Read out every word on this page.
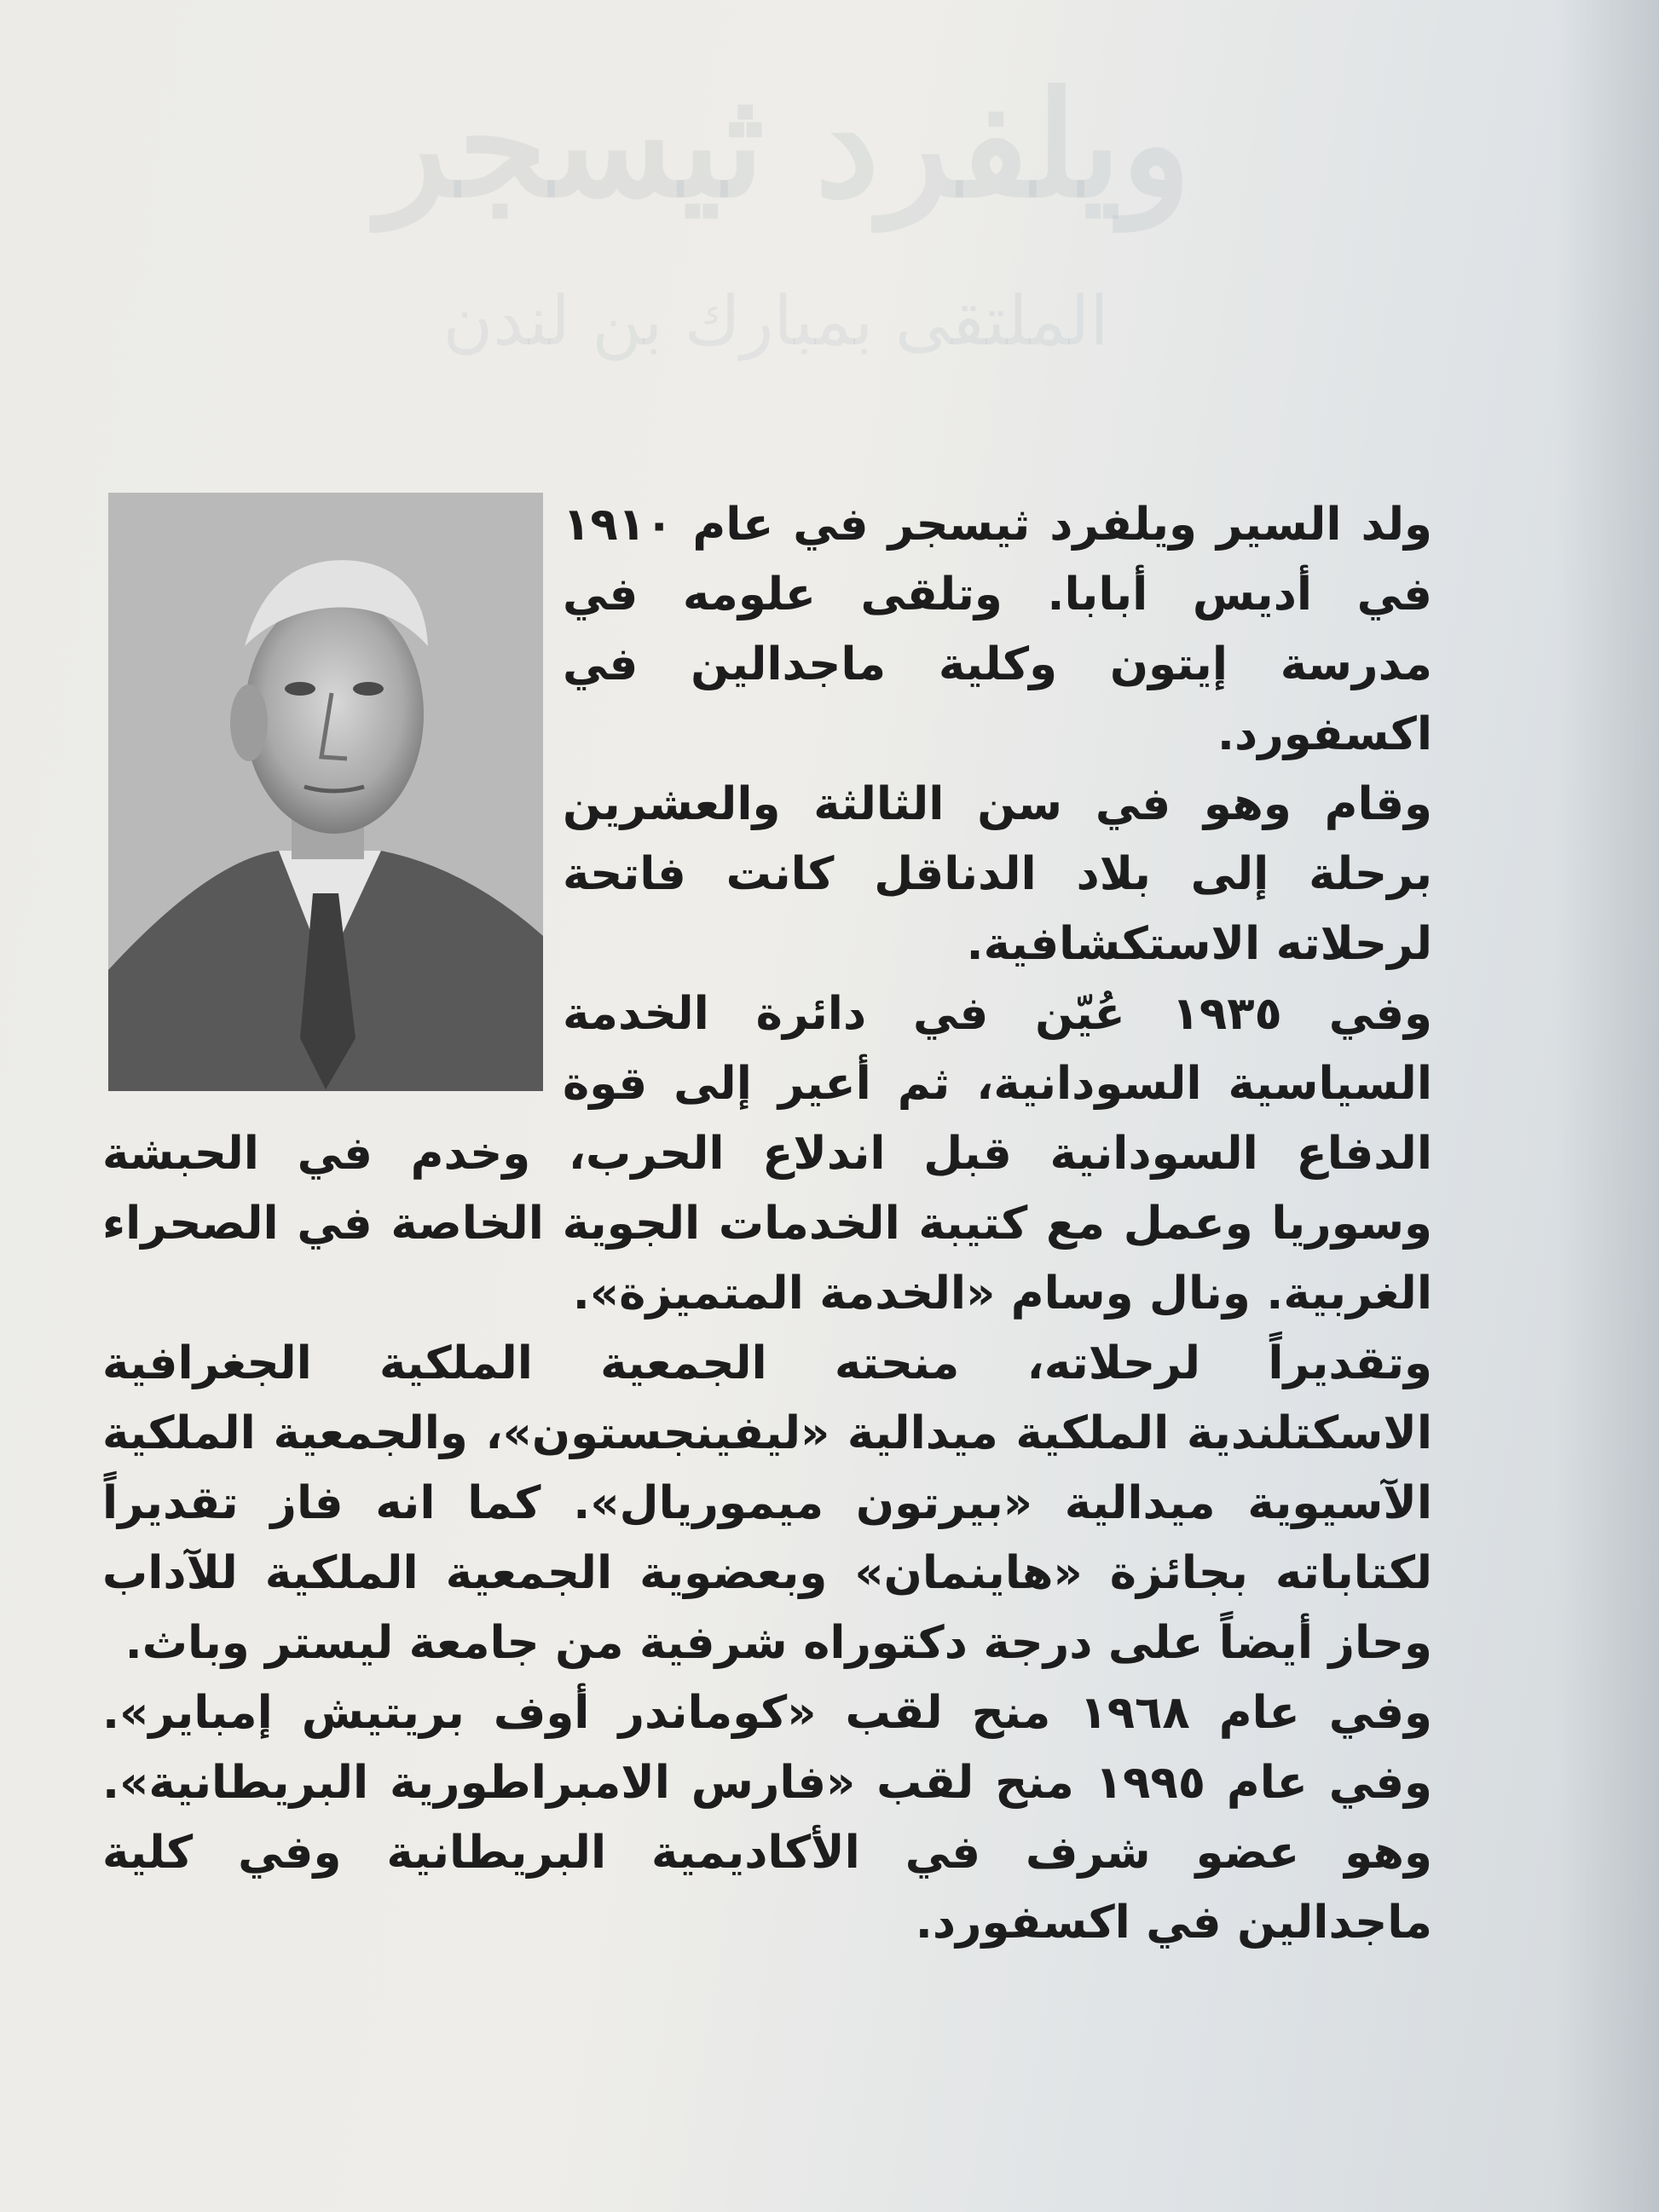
ويلفرد ثيسجر
الملتقى بمبارك بن لندن

ولد السير ويلفرد ثيسجر في عام ١٩١٠ في أديس أبابا. وتلقى علومه في مدرسة إيتون وكلية ماجدالين في اكسفورد.

وقام وهو في سن الثالثة والعشرين برحلة إلى بلاد الدناقل كانت فاتحة لرحلاته الاستكشافية.

وفي ١٩٣٥ عُيّن في دائرة الخدمة السياسية السودانية، ثم أعير إلى قوة الدفاع السودانية قبل اندلاع الحرب، وخدم في الحبشة وسوريا وعمل مع كتيبة الخدمات الجوية الخاصة في الصحراء الغربية. ونال وسام «الخدمة المتميزة».

وتقديراً لرحلاته، منحته الجمعية الملكية الجغرافية الاسكتلندية الملكية ميدالية «ليفينجستون»، والجمعية الملكية الآسيوية ميدالية «بيرتون ميموريال». كما انه فاز تقديراً لكتاباته بجائزة «هاينمان» وبعضوية الجمعية الملكية للآداب وحاز أيضاً على درجة دكتوراه شرفية من جامعة ليستر وباث.

وفي عام ١٩٦٨ منح لقب «كوماندر أوف بريتيش إمباير». وفي عام ١٩٩٥ منح لقب «فارس الامبراطورية البريطانية». وهو عضو شرف في الأكاديمية البريطانية وفي كلية ماجدالين في اكسفورد.
